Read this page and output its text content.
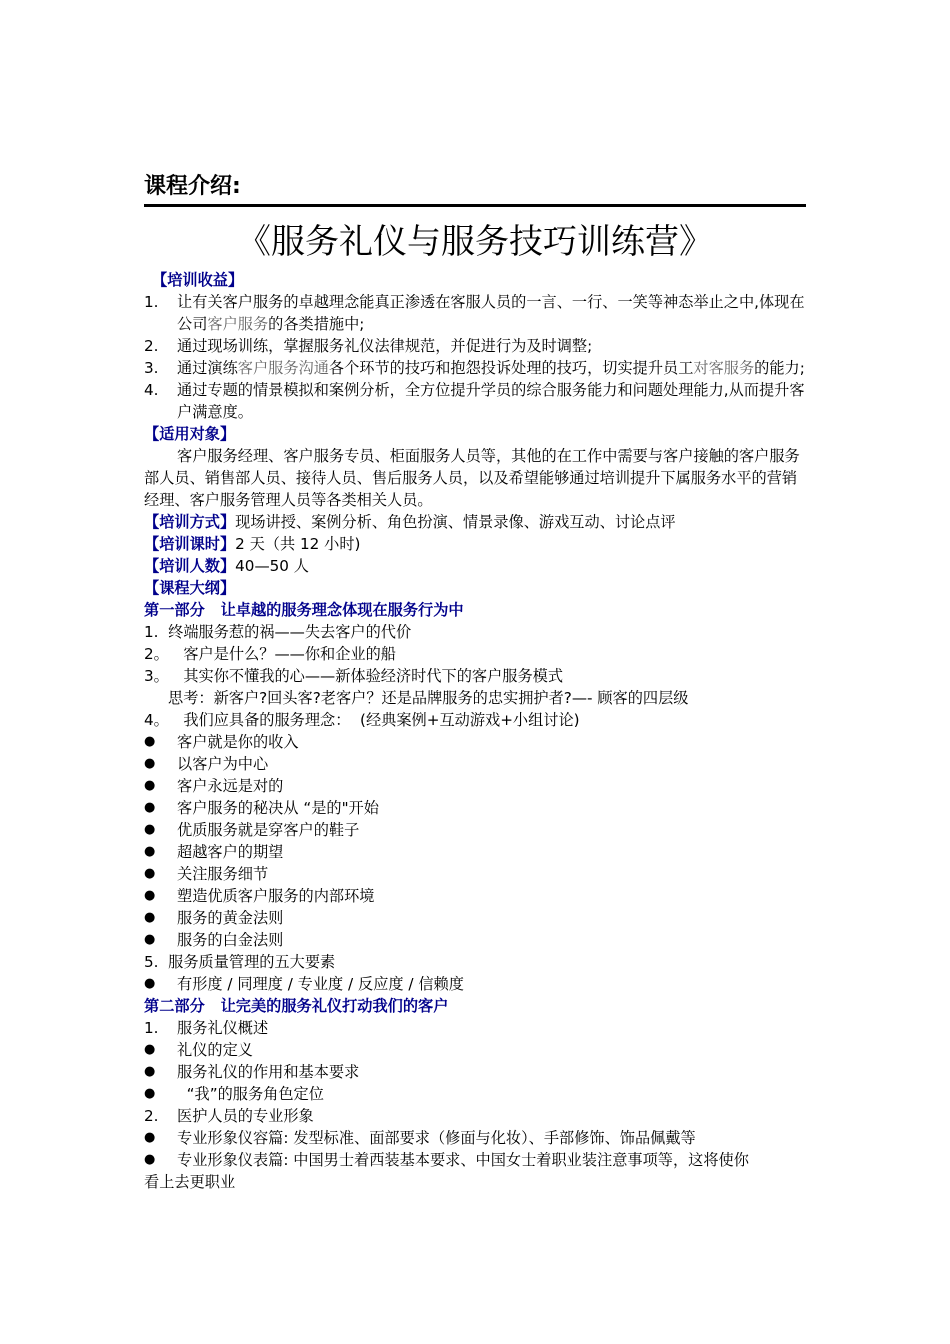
课程介绍:
《服务礼仪与服务技巧训练营》
【培训收益】
1.	让有关客户服务的卓越理念能真正渗透在客服人员的一言、一行、一笑等神态举止之中,体现在公司客户服务的各类措施中;
2.	通过现场训练，掌握服务礼仪法律规范，并促进行为及时调整;
3.	通过演练客户服务沟通各个环节的技巧和抱怨投诉处理的技巧，切实提升员工对客服务的能力;
4.	通过专题的情景模拟和案例分析，全方位提升学员的综合服务能力和问题处理能力,从而提升客户满意度。
【适用对象】
客户服务经理、客户服务专员、柜面服务人员等，其他的在工作中需要与客户接触的客户服务部人员、销售部人员、接待人员、售后服务人员，以及希望能够通过培训提升下属服务水平的营销经理、客户服务管理人员等各类相关人员。
【培训方式】现场讲授、案例分析、角色扮演、情景录像、游戏互动、讨论点评
【培训课时】2 天（共 12 小时)
【培训人数】40—50 人
【课程大纲】
第一部分   让卓越的服务理念体现在服务行为中
1.  终端服务惹的祸——失去客户的代价
2。   客户是什么？——你和企业的船
3。   其实你不懂我的心——新体验经济时代下的客户服务模式
思考：新客户?回头客?老客户？还是品牌服务的忠实拥护者?—- 顾客的四层级
4。   我们应具备的服务理念：  (经典案例+互动游戏+小组讨论)
●	客户就是你的收入
●	以客户为中心
●	客户永远是对的
●	客户服务的秘决从 “是的"开始
●	优质服务就是穿客户的鞋子
●	超越客户的期望
●	关注服务细节
●	塑造优质客户服务的内部环境
●	服务的黄金法则
●	服务的白金法则
5.  服务质量管理的五大要素
●	有形度 / 同理度 / 专业度 / 反应度 / 信赖度
第二部分   让完美的服务礼仪打动我们的客户
1.	服务礼仪概述
●	礼仪的定义
●	服务礼仪的作用和基本要求
●	“我”的服务角色定位
2.	医护人员的专业形象
●	专业形象仪容篇: 发型标准、面部要求（修面与化妆）、手部修饰、饰品佩戴等
●	专业形象仪表篇: 中国男士着西装基本要求、中国女士着职业装注意事项等，这将使你
看上去更职业
